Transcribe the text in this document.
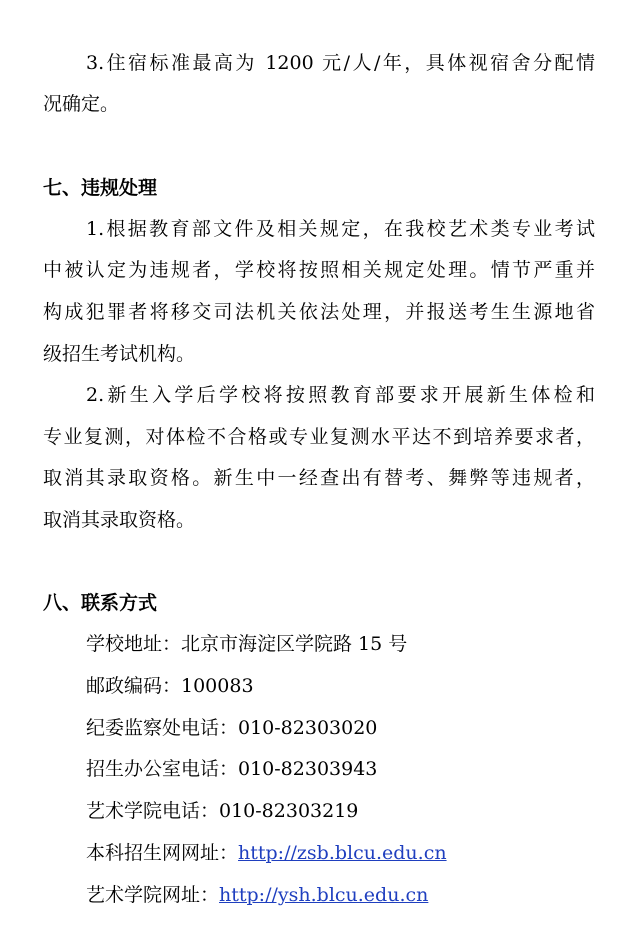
3.住宿标准最高为 1200 元/人/年，具体视宿舍分配情
况确定。
七、违规处理
1.根据教育部文件及相关规定，在我校艺术类专业考试
中被认定为违规者，学校将按照相关规定处理。情节严重并
构成犯罪者将移交司法机关依法处理，并报送考生生源地省
级招生考试机构。
2.新生入学后学校将按照教育部要求开展新生体检和
专业复测，对体检不合格或专业复测水平达不到培养要求者，
取消其录取资格。新生中一经查出有替考、舞弊等违规者，
取消其录取资格。
八、联系方式
学校地址：北京市海淀区学院路 15 号
邮政编码：100083
纪委监察处电话：010-82303020
招生办公室电话：010-82303943
艺术学院电话：010-82303219
本科招生网网址：http://zsb.blcu.edu.cn
艺术学院网址：http://ysh.blcu.edu.cn
